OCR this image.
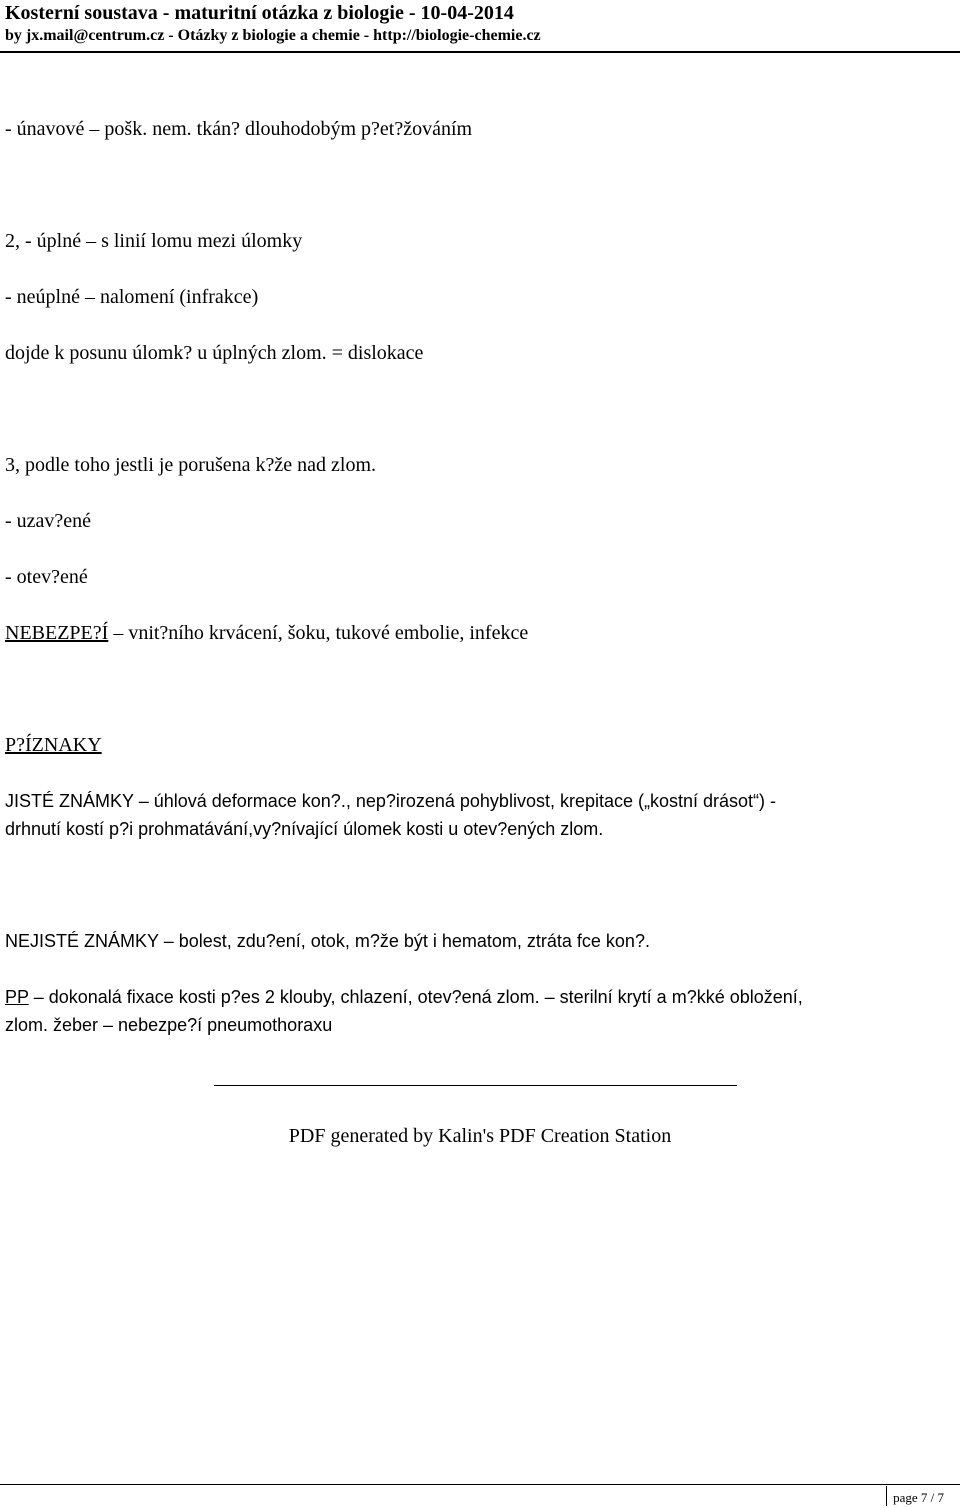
Kosterní soustava - maturitní otázka z biologie - 10-04-2014
by jx.mail@centrum.cz - Otázky z biologie a chemie - http://biologie-chemie.cz
- únavové – pošk. nem. tkán? dlouhodobým p?et?žováním
2, - úplné – s linií lomu mezi úlomky
- neúplné – nalomení (infrakce)
dojde k posunu úlomk? u úplných zlom. = dislokace
3, podle toho jestli je porušena k?že nad zlom.
- uzav?ené
- otev?ené
NEBEZPE?Í – vnit?ního krvácení, šoku, tukové embolie, infekce
P?ÍZNAKY
JISTÉ ZNÁMKY – úhlová deformace kon?., nep?irozená pohyblivost, krepitace („kostní drásot“) -
drhnutí kostí p?i prohmatávání,vy?nívající úlomek kosti u otev?ených zlom.
NEJISTÉ ZNÁMKY – bolest, zdu?ení, otok, m?že být i hematom, ztráta fce kon?.
PP – dokonalá fixace kosti p?es 2 klouby, chlazení, otev?ená zlom. – sterilní krytí a m?kké obložení,
zlom. žeber – nebezpe?í pneumothoraxu
PDF generated by Kalin's PDF Creation Station
page 7 / 7
